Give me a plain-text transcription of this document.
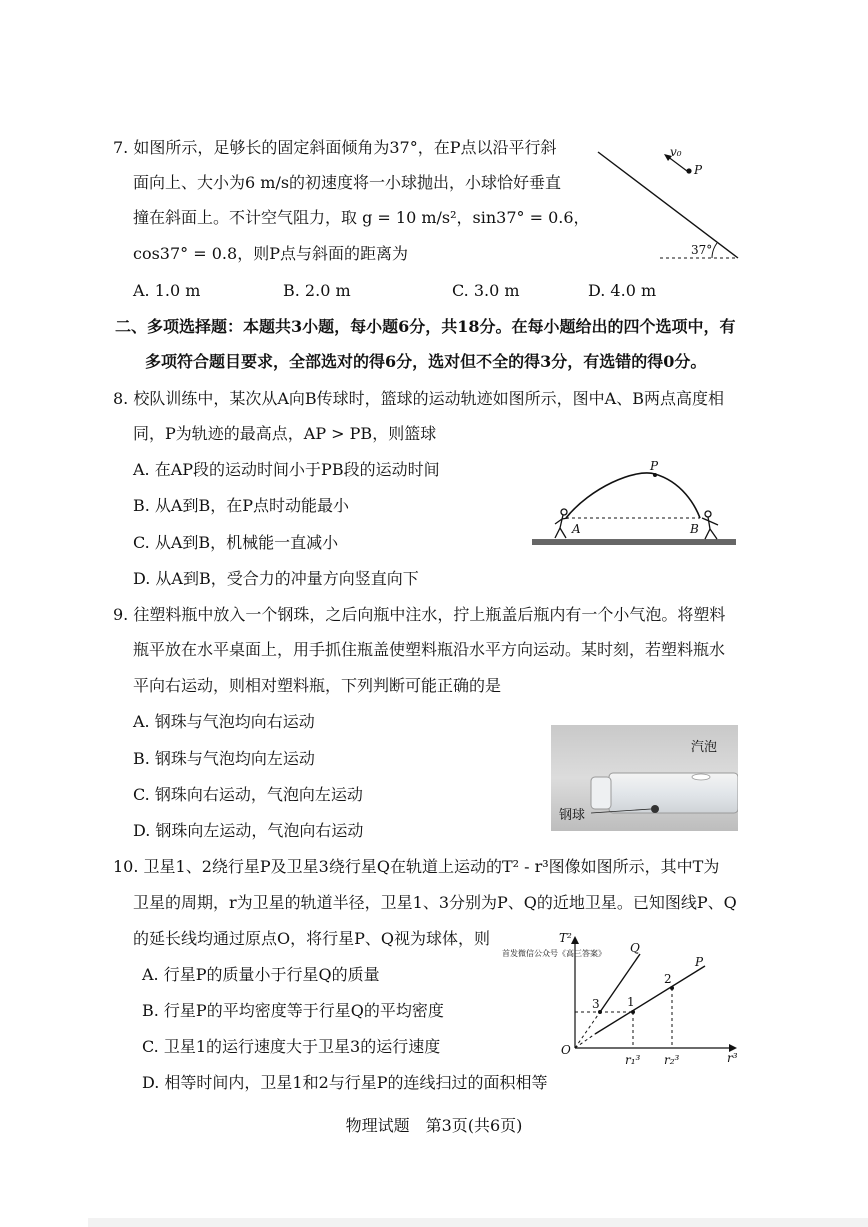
7. 如图所示，足够长的固定斜面倾角为37°，在P点以沿平行斜
面向上、大小为6 m/s的初速度将一小球抛出，小球恰好垂直
撞在斜面上。不计空气阻力，取 g = 10 m/s²，sin37° = 0.6，
cos37° = 0.8，则P点与斜面的距离为
A. 1.0 m	B. 2.0 m	C. 3.0 m	D. 4.0 m
v₀
P
37°
二、多项选择题：本题共3小题，每小题6分，共18分。在每小题给出的四个选项中，有
多项符合题目要求，全部选对的得6分，选对但不全的得3分，有选错的得0分。
8. 校队训练中，某次从A向B传球时，篮球的运动轨迹如图所示，图中A、B两点高度相
同，P为轨迹的最高点，AP > PB，则篮球
A. 在AP段的运动时间小于PB段的运动时间
B. 从A到B，在P点时动能最小
C. 从A到B，机械能一直减小
D. 从A到B，受合力的冲量方向竖直向下
P
A	B
9. 往塑料瓶中放入一个钢珠，之后向瓶中注水，拧上瓶盖后瓶内有一个小气泡。将塑料
瓶平放在水平桌面上，用手抓住瓶盖使塑料瓶沿水平方向运动。某时刻，若塑料瓶水
平向右运动，则相对塑料瓶，下列判断可能正确的是
A. 钢珠与气泡均向右运动
B. 钢珠与气泡均向左运动
C. 钢珠向右运动，气泡向左运动
D. 钢珠向左运动，气泡向右运动
汽泡
钢球
10. 卫星1、2绕行星P及卫星3绕行星Q在轨道上运动的T² - r³图像如图所示，其中T为
卫星的周期，r为卫星的轨道半径，卫星1、3分别为P、Q的近地卫星。已知图线P、Q
的延长线均通过原点O，将行星P、Q视为球体，则
首发微信公众号《高三答案》
A. 行星P的质量小于行星Q的质量
B. 行星P的平均密度等于行星Q的平均密度
C. 卫星1的运行速度大于卫星3的运行速度
D. 相等时间内，卫星1和2与行星P的连线扫过的面积相等
T²
r³
O
Q
P
1
2
3
r₁³ r₂³
物理试题　第3页(共6页)
